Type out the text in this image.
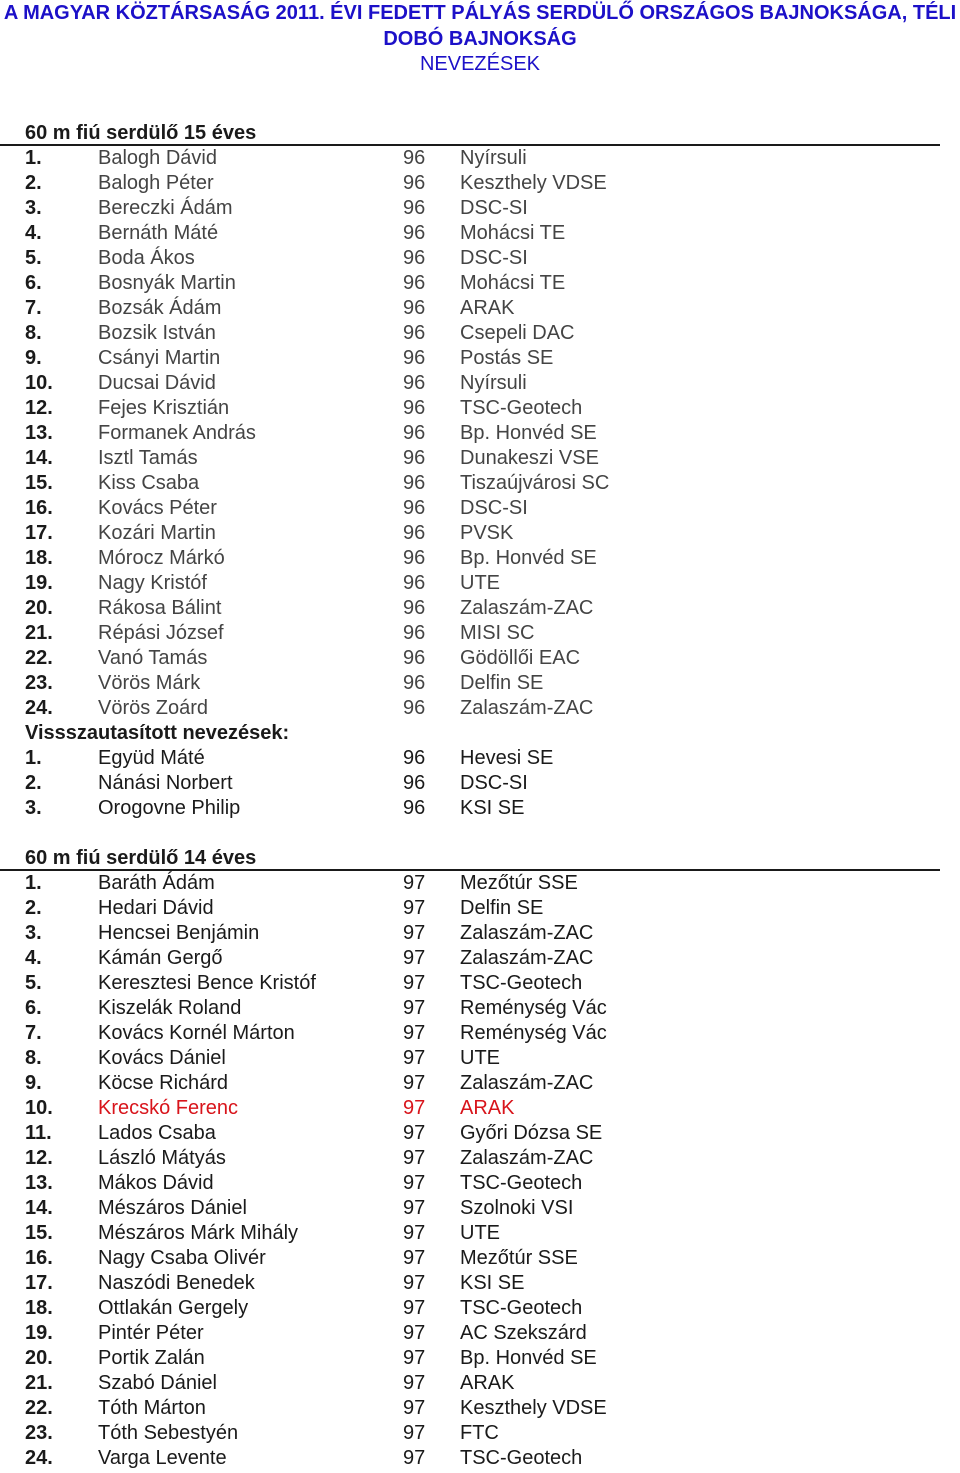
A MAGYAR KÖZTÁRSASÁG 2011. ÉVI FEDETT PÁLYÁS SERDÜLŐ ORSZÁGOS BAJNOKSÁGA, TÉLI
DOBÓ BAJNOKSÁG
NEVEZÉSEK
60 m fiú serdülő 15 éves
1.	Balogh Dávid	96 Nyírsuli
2.	Balogh Péter	96 Keszthely VDSE
3.	Bereczki Ádám	96 DSC-SI
4.	Bernáth Máté	96 Mohácsi TE
5.	Boda Ákos	96 DSC-SI
6.	Bosnyák Martin	96 Mohácsi TE
7.	Bozsák Ádám	96 ARAK
8.	Bozsik István	96 Csepeli DAC
9.	Csányi Martin	96 Postás SE
10. Ducsai Dávid	96 Nyírsuli
12. Fejes Krisztián	96 TSC-Geotech
13. Formanek András	96 Bp. Honvéd SE
14. Isztl Tamás	96 Dunakeszi VSE
15. Kiss Csaba	96 Tiszaújvárosi SC
16. Kovács Péter	96 DSC-SI
17. Kozári Martin	96 PVSK
18. Mórocz Márkó	96 Bp. Honvéd SE
19. Nagy Kristóf	96 UTE
20. Rákosa Bálint	96 Zalaszám-ZAC
21. Répási József	96 MISI SC
22. Vanó Tamás	96 Gödöllői EAC
23. Vörös Márk	96 Delfin SE
24. Vörös Zoárd	96 Zalaszám-ZAC
Vissszautasított nevezések:
1.	Együd Máté	96 Hevesi SE
2.	Nánási Norbert	96 DSC-SI
3.	Orogovne Philip	96 KSI SE
60 m fiú serdülő 14 éves
1.	Baráth Ádám	97 Mezőtúr SSE
2.	Hedari Dávid	97 Delfin SE
3.	Hencsei Benjámin	97 Zalaszám-ZAC
4.	Kámán Gergő	97 Zalaszám-ZAC
5.	Keresztesi Bence Kristóf	97 TSC-Geotech
6.	Kiszelák Roland	97 Reménység Vác
7.	Kovács Kornél Márton	97 Reménység Vác
8.	Kovács Dániel	97 UTE
9.	Köcse Richárd	97 Zalaszám-ZAC
10. Krecskó Ferenc	97 ARAK
11. Lados Csaba	97 Győri Dózsa SE
12. László Mátyás	97 Zalaszám-ZAC
13. Mákos Dávid	97 TSC-Geotech
14. Mészáros Dániel	97 Szolnoki VSI
15. Mészáros Márk Mihály	97 UTE
16. Nagy Csaba Olivér	97 Mezőtúr SSE
17. Naszódi Benedek	97 KSI SE
18. Ottlakán Gergely	97 TSC-Geotech
19. Pintér Péter	97 AC Szekszárd
20. Portik Zalán	97 Bp. Honvéd SE
21. Szabó Dániel	97 ARAK
22. Tóth Márton	97 Keszthely VDSE
23. Tóth Sebestyén	97 FTC
24. Varga Levente	97 TSC-Geotech
